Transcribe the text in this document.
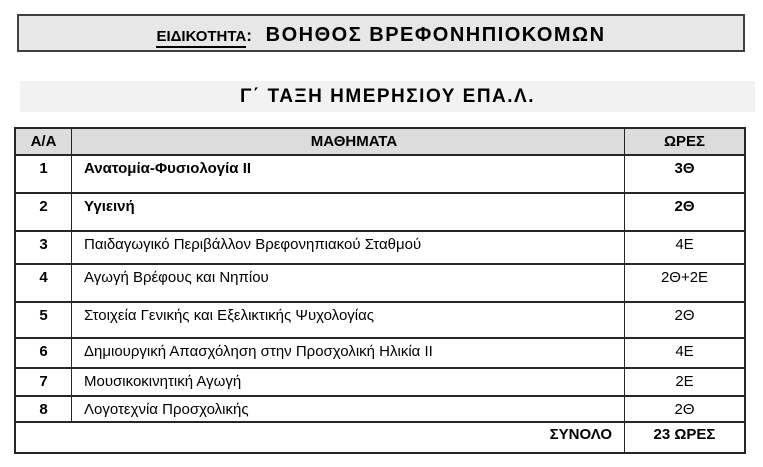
ΕΙΔΙΚΟΤΗΤΑ : ΒΟΗΘΟΣ ΒΡΕΦΟΝΗΠΙΟΚΟΜΩΝ
Γ΄ ΤΑΞΗ ΗΜΕΡΗΣΙΟΥ ΕΠΑ.Λ.
Α/Α	ΜΑΘΗΜΑΤΑ	ΩΡΕΣ
1	Ανατομία-Φυσιολογία ΙΙ	3Θ
2	Υγιεινή	2Θ
3	Παιδαγωγικό Περιβάλλον Βρεφονηπιακού Σταθμού	4Ε
4	Αγωγή Βρέφους και Νηπίου	2Θ+2Ε
5	Στοιχεία Γενικής και Εξελικτικής Ψυχολογίας	2Θ
6	Δημιουργική Απασχόληση στην Προσχολική Ηλικία ΙΙ	4Ε
7	Μουσικοκινητική Αγωγή	2Ε
8	Λογοτεχνία Προσχολικής	2Θ
ΣΥΝΟΛΟ	23 ΩΡΕΣ
